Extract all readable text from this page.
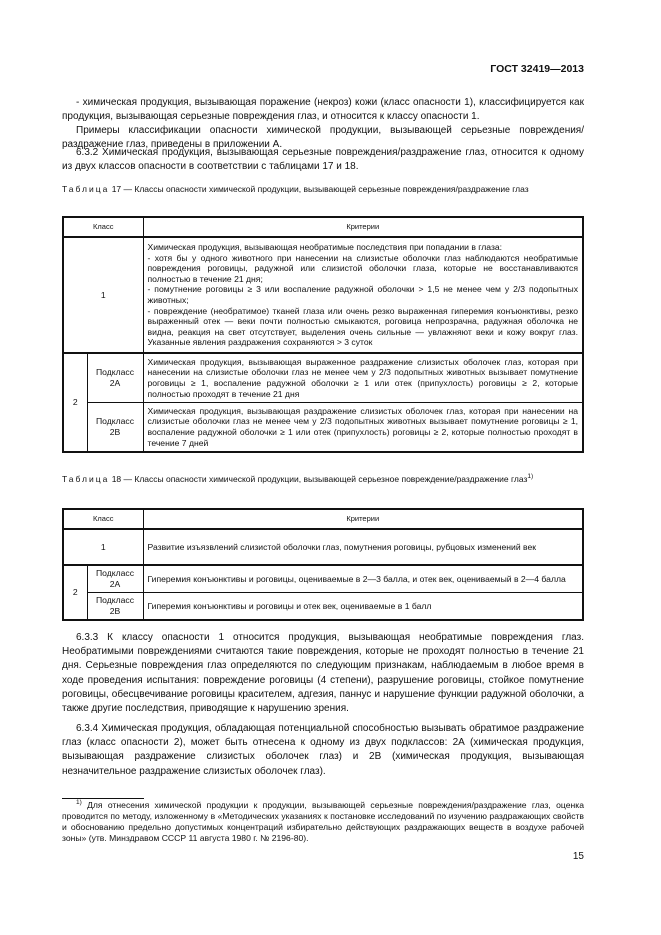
ГОСТ 32419—2013

- химическая продукция, вызывающая поражение (некроз) кожи (класс опасности 1), классифицируется как продукция, вызывающая серьезные повреждения глаз, и относится к классу опасности 1.

Примеры классификации опасности химической продукции, вызывающей серьезные повреждения/раздражение глаз, приведены в приложении А.

6.3.2 Химическая продукция, вызывающая серьезные повреждения/раздражение глаз, относится к одному из двух классов опасности в соответствии с таблицами 17 и 18.

Таблица 17 — Классы опасности химической продукции, вызывающей серьезные повреждения/раздражение глаз

Класс		Критерии
1		Химическая продукция, вызывающая необратимые последствия при попадании в глаза:
- хотя бы у одного животного при нанесении на слизистые оболочки глаз наблюдаются необратимые повреждения роговицы, радужной или слизистой оболочки глаза, которые не восстанавливаются полностью в течение 21 дня;
- помутнение роговицы ≥ 3 или воспаление радужной оболочки > 1,5 не менее чем у 2/3 подопытных животных;
- повреждение (необратимое) тканей глаза или очень резко выраженная гиперемия конъюнктивы, резко выраженный отек — веки почти полностью смыкаются, роговица непрозрачна, радужная оболочка не видна, реакция на свет отсутствует, выделения очень сильные — увлажняют веки и кожу вокруг глаз. Указанные явления раздражения сохраняются > 3 суток
2	Подкласс
2А	Химическая продукция, вызывающая выраженное раздражение слизистых оболочек глаз, которая при нанесении на слизистые оболочки глаз не менее чем у 2/3 подопытных животных вызывает помутнение роговицы ≥ 1, воспаление радужной оболочки ≥ 1 или отек (припухлость) роговицы ≥ 2, которые полностью проходят в течение 21 дня
	Подкласс
2В	Химическая продукция, вызывающая раздражение слизистых оболочек глаз, которая при нанесении на слизистые оболочки глаз не менее чем у 2/3 подопытных животных вызывает помутнение роговицы ≥ 1, воспаление радужной оболочки ≥ 1 или отек (припухлость) роговицы ≥ 2, которые полностью проходят в течение 7 дней

Таблица 18 — Классы опасности химической продукции, вызывающей серьезное повреждение/раздражение глаз$^{1)}$

Класс		Критерии
1		Развитие изъязвлений слизистой оболочки глаз, помутнения роговицы, рубцовых изменений век
2	Подкласс
2А	Гиперемия конъюнктивы и роговицы, оцениваемые в 2—3 балла, и отек век, оцениваемый в 2—4 балла
	Подкласс
2В	Гиперемия конъюнктивы и роговицы и отек век, оцениваемые в 1 балл

6.3.3 К классу опасности 1 относится продукция, вызывающая необратимые повреждения глаз. Необратимыми повреждениями считаются такие повреждения, которые не проходят полностью в течение 21 дня. Серьезные повреждения глаз определяются по следующим признакам, наблюдаемым в любое время в ходе проведения испытания: повреждение роговицы (4 степени), разрушение роговицы, стойкое помутнение роговицы, обесцвечивание роговицы красителем, адгезия, паннус и нарушение функции радужной оболочки, а также другие последствия, приводящие к нарушению зрения.

6.3.4 Химическая продукция, обладающая потенциальной способностью вызывать обратимое раздражение глаз (класс опасности 2), может быть отнесена к одному из двух подклассов: 2А (химическая продукция, вызывающая раздражение слизистых оболочек глаз) и 2В (химическая продукция, вызывающая незначительное раздражение слизистых оболочек глаз).

$^{1)}$ Для отнесения химической продукции к продукции, вызывающей серьезные повреждения/раздражение глаз, оценка проводится по методу, изложенному в «Методических указаниях к постановке исследований по изучению раздражающих свойств и обоснованию предельно допустимых концентраций избирательно действующих раздражающих веществ в воздухе рабочей зоны» (утв. Минздравом СССР 11 августа 1980 г. № 2196-80).

15
